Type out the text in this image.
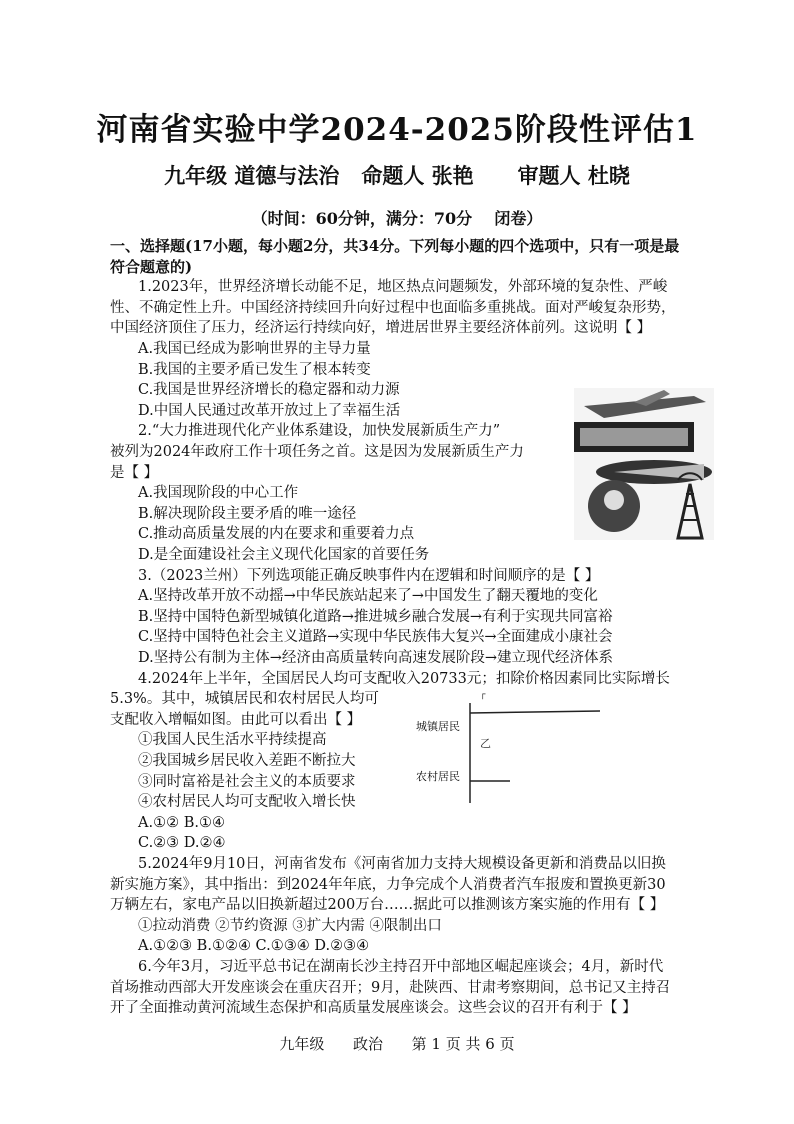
河南省实验中学2024-2025阶段性评估1
九年级 道德与法治   命题人 张艳      审题人 杜晓
（时间：60分钟，满分：70分    闭卷）
一、选择题(17小题，每小题2分，共34分。下列每小题的四个选项中，只有一项是最
符合题意的)
1.2023年，世界经济增长动能不足，地区热点问题频发，外部环境的复杂性、严峻
性、不确定性上升。中国经济持续回升向好过程中也面临多重挑战。面对严峻复杂形势，
中国经济顶住了压力，经济运行持续向好，增进居世界主要经济体前列。这说明【 】
A.我国已经成为影响世界的主导力量
B.我国的主要矛盾已发生了根本转变
C.我国是世界经济增长的稳定器和动力源
D.中国人民通过改革开放过上了幸福生活
2.“大力推进现代化产业体系建设，加快发展新质生产力”
被列为2024年政府工作十项任务之首。这是因为发展新质生产力
是【 】
A.我国现阶段的中心工作
B.解决现阶段主要矛盾的唯一途径
C.推动高质量发展的内在要求和重要着力点
D.是全面建设社会主义现代化国家的首要任务
3.（2023兰州）下列选项能正确反映事件内在逻辑和时间顺序的是【 】
A.坚持改革开放不动摇→中华民族站起来了→中国发生了翻天覆地的变化
B.坚持中国特色新型城镇化道路→推进城乡融合发展→有利于实现共同富裕
C.坚持中国特色社会主义道路→实现中华民族伟大复兴→全面建成小康社会
D.坚持公有制为主体→经济由高质量转向高速发展阶段→建立现代经济体系
4.2024年上半年，全国居民人均可支配收入20733元；扣除价格因素同比实际增长
5.3%。其中，城镇居民和农村居民人均可
支配收入增幅如图。由此可以看出【 】
①我国人民生活水平持续提高
②我国城乡居民收入差距不断拉大
③同时富裕是社会主义的本质要求
④农村居民人均可支配收入增长快
A.①② B.①④
C.②③ D.②④
5.2024年9月10日，河南省发布《河南省加力支持大规模设备更新和消费品以旧换
新实施方案》，其中指出：到2024年年底，力争完成个人消费者汽车报废和置换更新30
万辆左右，家电产品以旧换新超过200万台……据此可以推测该方案实施的作用有【 】
①拉动消费 ②节约资源 ③扩大内需 ④限制出口
A.①②③ B.①②④ C.①③④ D.②③④
6.今年3月，习近平总书记在湖南长沙主持召开中部地区崛起座谈会；4月，新时代
首场推动西部大开发座谈会在重庆召开；9月，赴陕西、甘肃考察期间，总书记又主持召
开了全面推动黄河流域生态保护和高质量发展座谈会。这些会议的召开有利于【 】
┌
乙
城镇居民
农村居民
九年级      政治      第 1 页 共 6 页
